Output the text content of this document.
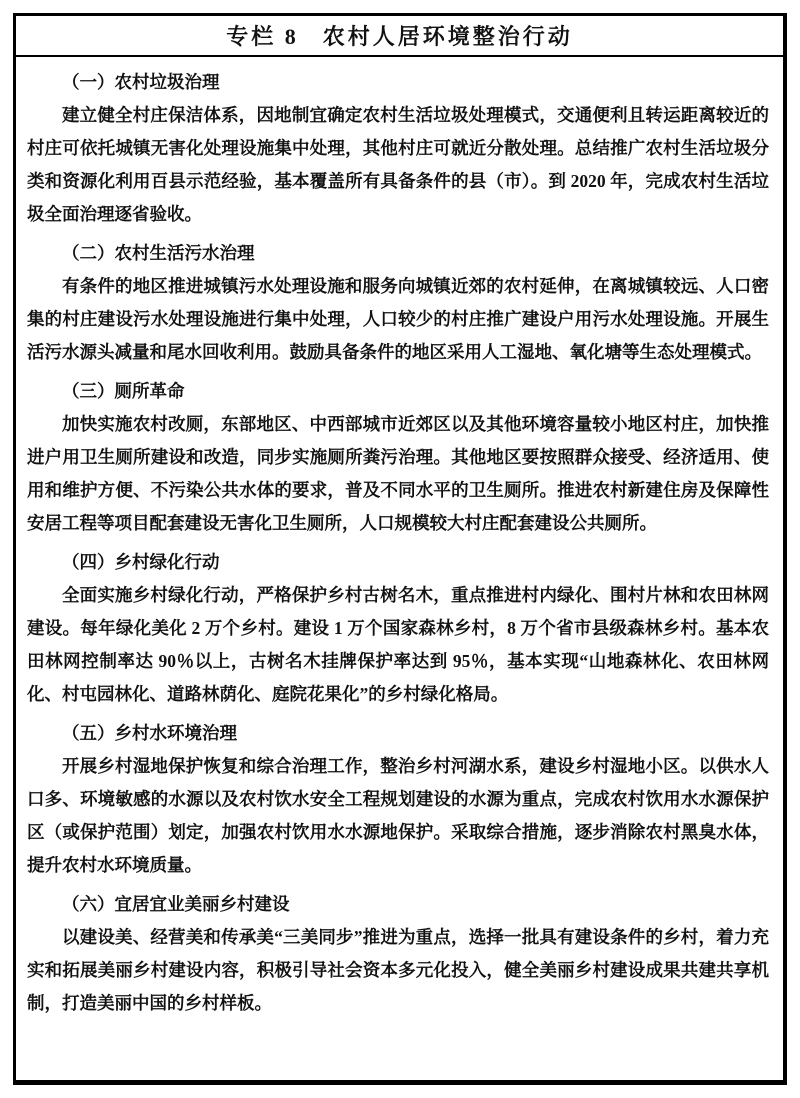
专栏 8 农村人居环境整治行动
（一）农村垃圾治理

建立健全村庄保洁体系，因地制宜确定农村生活垃圾处理模式，交通便利且转运距离较近的村庄可依托城镇无害化处理设施集中处理，其他村庄可就近分散处理。总结推广农村生活垃圾分类和资源化利用百县示范经验，基本覆盖所有具备条件的县（市）。到 2020 年，完成农村生活垃圾全面治理逐省验收。

（二）农村生活污水治理

有条件的地区推进城镇污水处理设施和服务向城镇近郊的农村延伸，在离城镇较远、人口密集的村庄建设污水处理设施进行集中处理，人口较少的村庄推广建设户用污水处理设施。开展生活污水源头减量和尾水回收利用。鼓励具备条件的地区采用人工湿地、氧化塘等生态处理模式。

（三）厕所革命

加快实施农村改厕，东部地区、中西部城市近郊区以及其他环境容量较小地区村庄，加快推进户用卫生厕所建设和改造，同步实施厕所粪污治理。其他地区要按照群众接受、经济适用、使用和维护方便、不污染公共水体的要求，普及不同水平的卫生厕所。推进农村新建住房及保障性安居工程等项目配套建设无害化卫生厕所，人口规模较大村庄配套建设公共厕所。

（四）乡村绿化行动

全面实施乡村绿化行动，严格保护乡村古树名木，重点推进村内绿化、围村片林和农田林网建设。每年绿化美化 2 万个乡村。建设 1 万个国家森林乡村，8 万个省市县级森林乡村。基本农田林网控制率达 90％以上，古树名木挂牌保护率达到 95％，基本实现“山地森林化、农田林网化、村屯园林化、道路林荫化、庭院花果化”的乡村绿化格局。

（五）乡村水环境治理

开展乡村湿地保护恢复和综合治理工作，整治乡村河湖水系，建设乡村湿地小区。以供水人口多、环境敏感的水源以及农村饮水安全工程规划建设的水源为重点，完成农村饮用水水源保护区（或保护范围）划定，加强农村饮用水水源地保护。采取综合措施，逐步消除农村黑臭水体，提升农村水环境质量。

（六）宜居宜业美丽乡村建设

以建设美、经营美和传承美“三美同步”推进为重点，选择一批具有建设条件的乡村，着力充实和拓展美丽乡村建设内容，积极引导社会资本多元化投入，健全美丽乡村建设成果共建共享机制，打造美丽中国的乡村样板。
